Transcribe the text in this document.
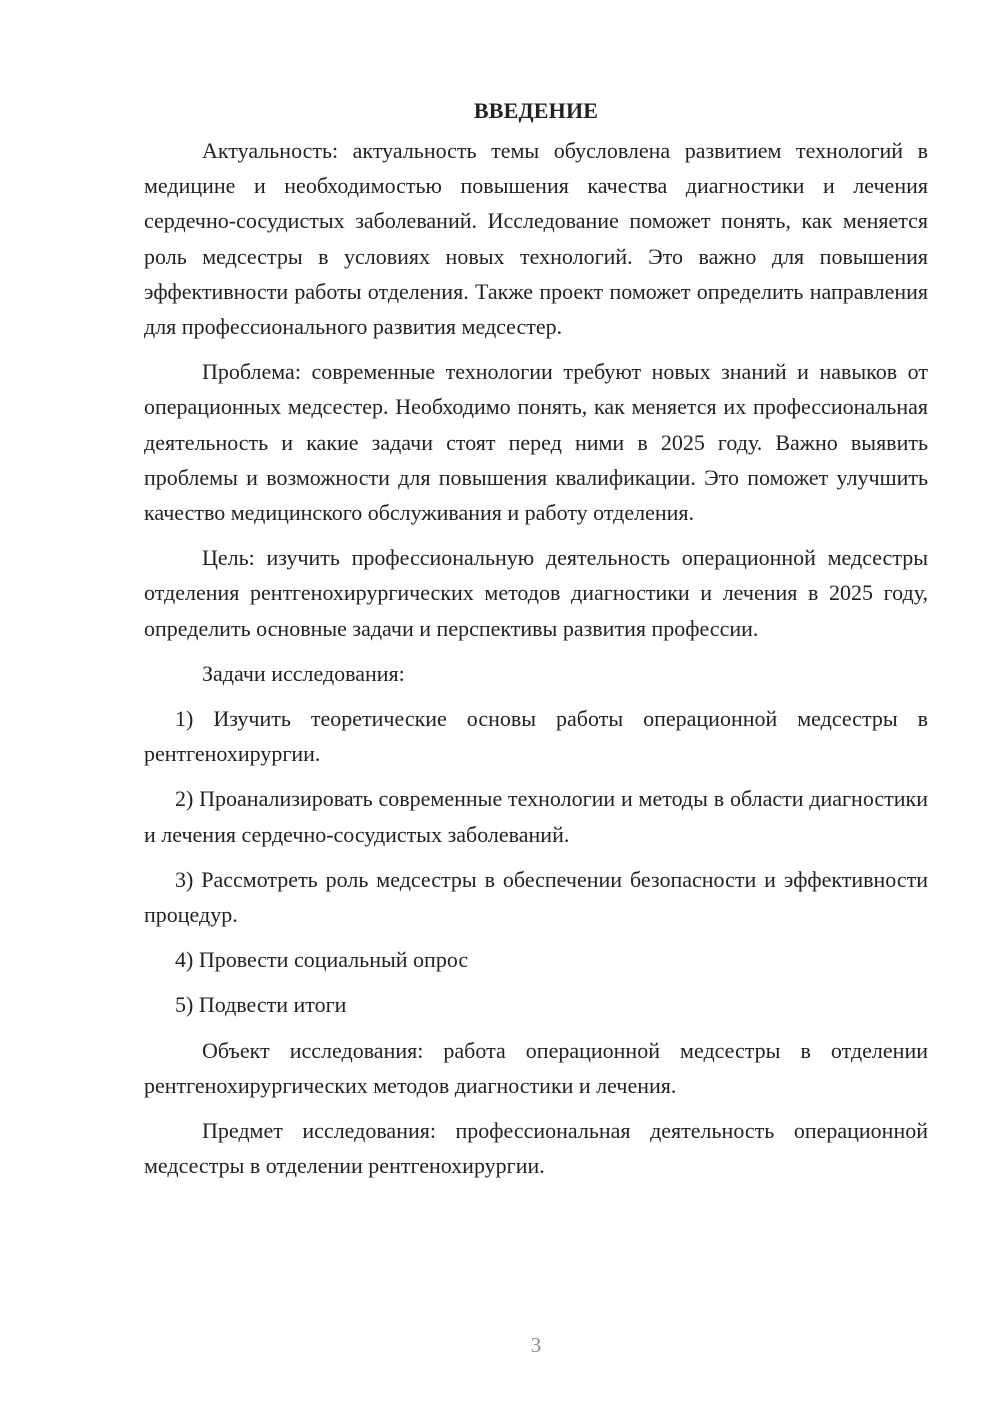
ВВЕДЕНИЕ

Актуальность: актуальность темы обусловлена развитием технологий в медицине и необходимостью повышения качества диагностики и лечения сердечно-сосудистых заболеваний. Исследование поможет понять, как меняется роль медсестры в условиях новых технологий. Это важно для повышения эффективности работы отделения. Также проект поможет определить направления для профессионального развития медсестер.

Проблема: современные технологии требуют новых знаний и навыков от операционных медсестер. Необходимо понять, как меняется их профессиональная деятельность и какие задачи стоят перед ними в 2025 году. Важно выявить проблемы и возможности для повышения квалификации. Это поможет улучшить качество медицинского обслуживания и работу отделения.

Цель: изучить профессиональную деятельность операционной медсестры отделения рентгенохирургических методов диагностики и лечения в 2025 году, определить основные задачи и перспективы развития профессии.

Задачи исследования:

1) Изучить теоретические основы работы операционной медсестры в рентгенохирургии.

2) Проанализировать современные технологии и методы в области диагностики и лечения сердечно-сосудистых заболеваний.

3) Рассмотреть роль медсестры в обеспечении безопасности и эффективности процедур.

4) Провести социальный опрос

5) Подвести итоги

Объект исследования: работа операционной медсестры в отделении рентгенохирургических методов диагностики и лечения.

Предмет исследования: профессиональная деятельность операционной медсестры в отделении рентгенохирургии.

3
